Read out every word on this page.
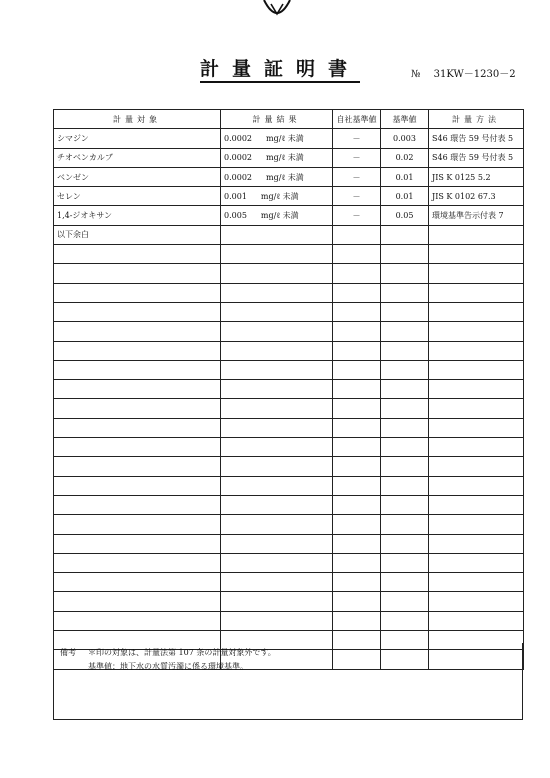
計量証明書	№ 31KW－1230－2
計量対象	計量結果	自社基準値	基準値	計量方法
シマジン	0.0002 mg/ℓ 未満	－	0.003	S46 環告 59 号付表 5
チオベンカルブ	0.0002 mg/ℓ 未満	－	0.02	S46 環告 59 号付表 5
ベンゼン	0.0002 mg/ℓ 未満	－	0.01	JIS K 0125 5.2
セレン	0.001 mg/ℓ 未満	－	0.01	JIS K 0102 67.3
1,4-ジオキサン	0.005 mg/ℓ 未満	－	0.05	環境基準告示付表 7
以下余白				

備考 ＊印の対象は、計量法第 107 条の計量対象外です。
基準値：地下水の水質汚濁に係る環境基準。
